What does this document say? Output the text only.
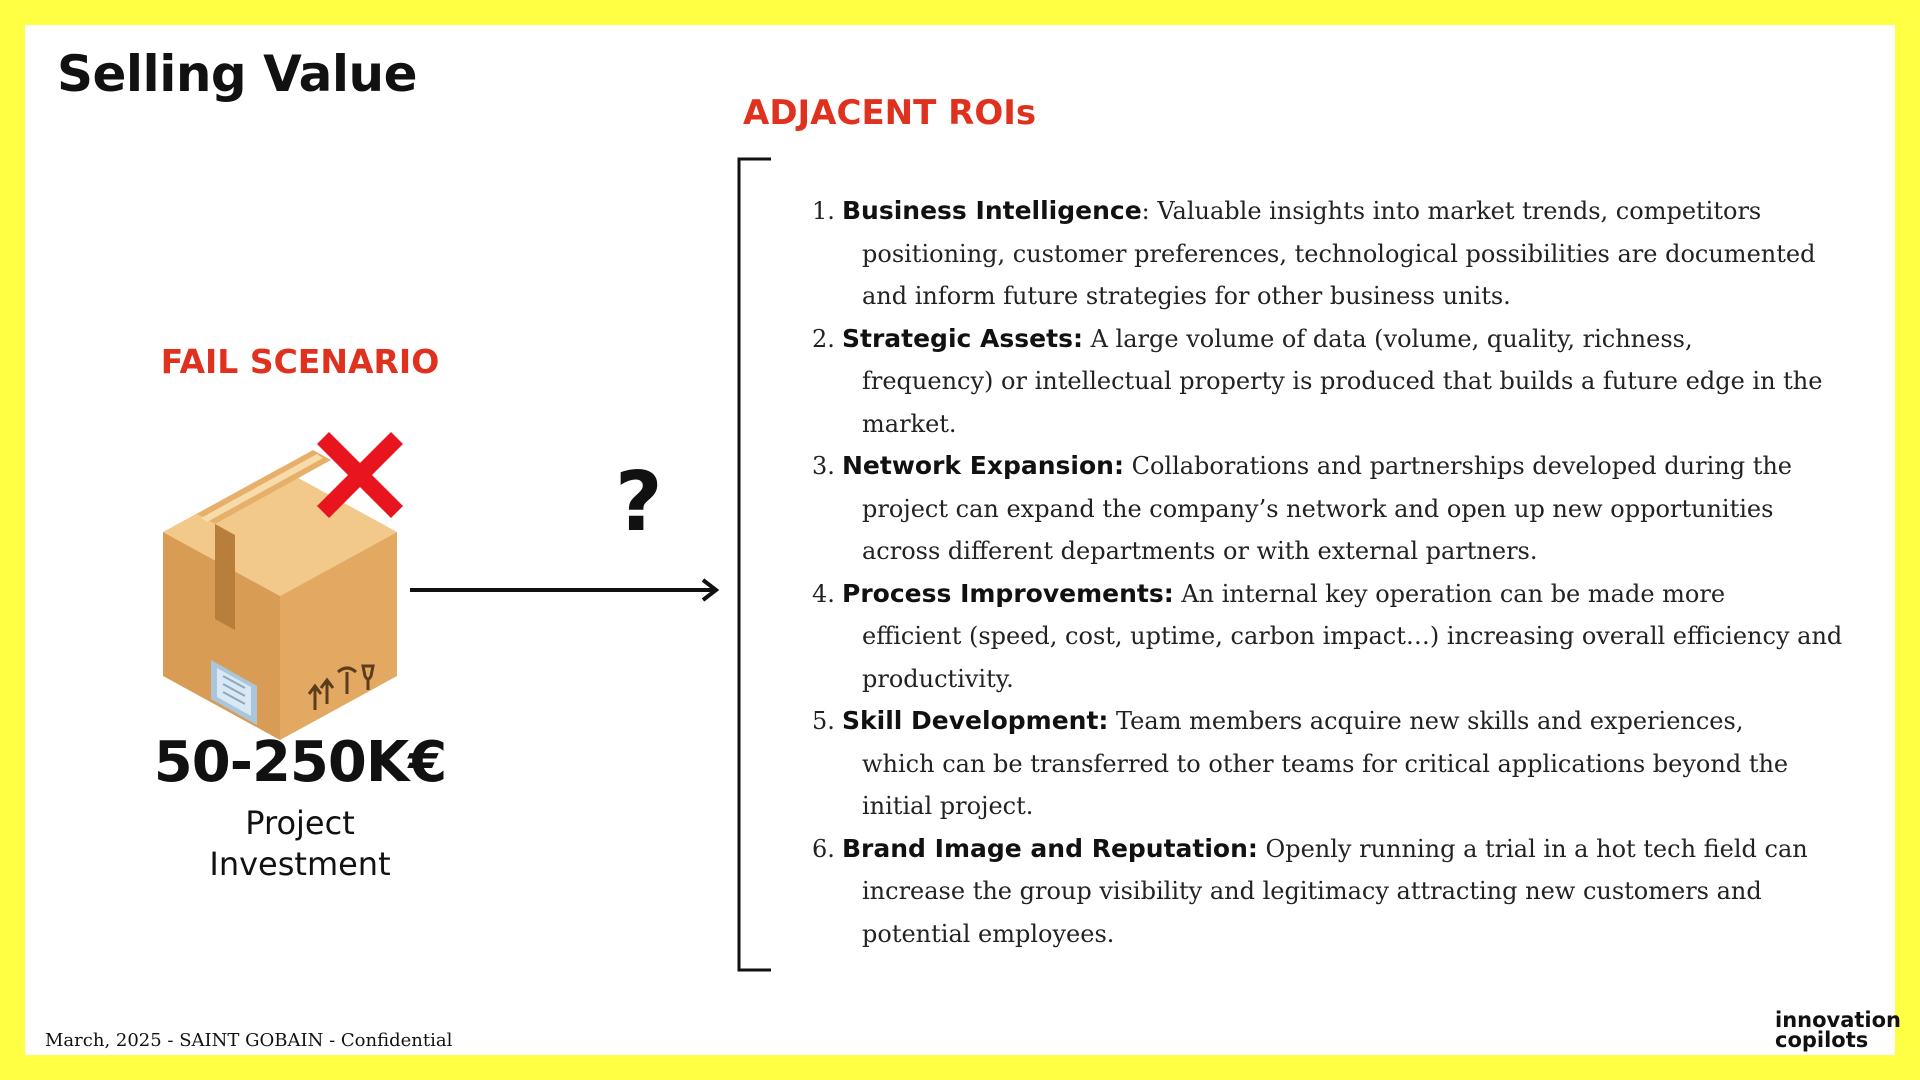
Selling Value
ADJACENT ROIs
FAIL SCENARIO
50-250K€
Project
Investment
?
1. Business Intelligence: Valuable insights into market trends, competitors
positioning, customer preferences, technological possibilities are documented and inform future strategies for other business units.
2. Strategic Assets: A large volume of data (volume, quality, richness,
frequency) or intellectual property is produced that builds a future edge in the market.
3. Network Expansion: Collaborations and partnerships developed during the
project can expand the company’s network and open up new opportunities across different departments or with external partners.
4. Process Improvements: An internal key operation can be made more
efficient (speed, cost, uptime, carbon impact…) increasing overall efficiency and productivity.
5. Skill Development: Team members acquire new skills and experiences,
which can be transferred to other teams for critical applications beyond the initial project.
6. Brand Image and Reputation: Openly running a trial in a hot tech field can
increase the group visibility and legitimacy attracting new customers and potential employees.
March, 2025 - SAINT GOBAIN - Confidential
innovation
copilots
